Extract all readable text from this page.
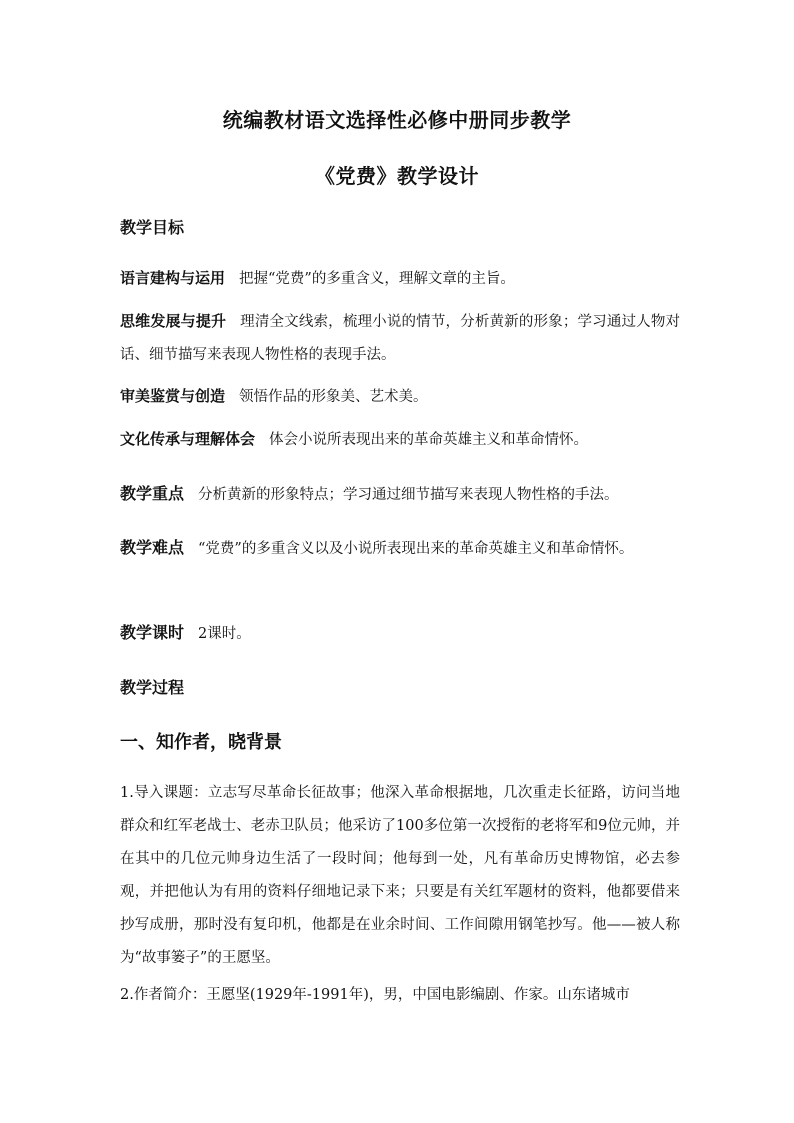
统编教材语文选择性必修中册同步教学
《党费》教学设计
教学目标
语言建构与运用 把握“党费”的多重含义，理解文章的主旨。
思维发展与提升 理清全文线索，梳理小说的情节，分析黄新的形象；学习通过人物对话、细节描写来表现人物性格的表现手法。
审美鉴赏与创造 领悟作品的形象美、艺术美。
文化传承与理解体会 体会小说所表现出来的革命英雄主义和革命情怀。
教学重点 分析黄新的形象特点；学习通过细节描写来表现人物性格的手法。
教学难点 “党费”的多重含义以及小说所表现出来的革命英雄主义和革命情怀。
教学课时 2课时。
教学过程
一、知作者，晓背景
1.导入课题：立志写尽革命长征故事；他深入革命根据地，几次重走长征路，访问当地群众和红军老战士、老赤卫队员；他采访了100多位第一次授衔的老将军和9位元帅，并在其中的几位元帅身边生活了一段时间；他每到一处，凡有革命历史博物馆，必去参观，并把他认为有用的资料仔细地记录下来；只要是有关红军题材的资料，他都要借来抄写成册，那时没有复印机，他都是在业余时间、工作间隙用钢笔抄写。他——被人称为“故事篓子”的王愿坚。
2.作者简介：王愿坚(1929年-1991年)，男，中国电影编剧、作家。山东诸城市
